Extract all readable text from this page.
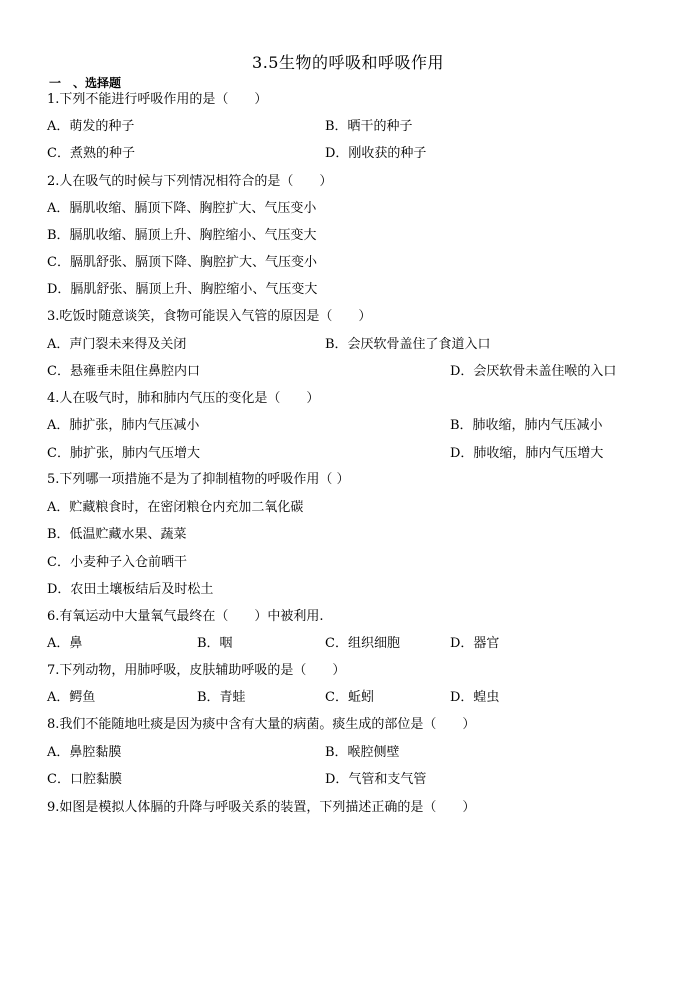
3.5生物的呼吸和呼吸作用
一　、选择题
1.下列不能进行呼吸作用的是（　　）
A．萌发的种子	B．晒干的种子
C．煮熟的种子	D．刚收获的种子
2.人在吸气的时候与下列情况相符合的是（　　）
A．膈肌收缩、膈顶下降、胸腔扩大、气压变小
B．膈肌收缩、膈顶上升、胸腔缩小、气压变大
C．膈肌舒张、膈顶下降、胸腔扩大、气压变小
D．膈肌舒张、膈顶上升、胸腔缩小、气压变大
3.吃饭时随意谈笑，食物可能误入气管的原因是（　　）
A．声门裂未来得及关闭	B．会厌软骨盖住了食道入口
C．悬雍垂未阻住鼻腔内口	D．会厌软骨未盖住喉的入口
4.人在吸气时，肺和肺内气压的变化是（　　）
A．肺扩张，肺内气压减小	B．肺收缩，肺内气压减小
C．肺扩张，肺内气压增大	D．肺收缩，肺内气压增大
5.下列哪一项措施不是为了抑制植物的呼吸作用（ ）
A．贮藏粮食时，在密闭粮仓内充加二氧化碳
B．低温贮藏水果、蔬菜
C．小麦种子入仓前晒干
D．农田土壤板结后及时松土
6.有氧运动中大量氧气最终在（　　）中被利用.
A．鼻	B．咽	C．组织细胞	D．器官
7.下列动物，用肺呼吸，皮肤辅助呼吸的是（　　）
A．鳄鱼	B．青蛙	C．蚯蚓	D．蝗虫
8.我们不能随地吐痰是因为痰中含有大量的病菌。痰生成的部位是（　　）
A．鼻腔黏膜	B．喉腔侧壁
C．口腔黏膜	D．气管和支气管
9.如图是模拟人体膈的升降与呼吸关系的装置，下列描述正确的是（　　）
